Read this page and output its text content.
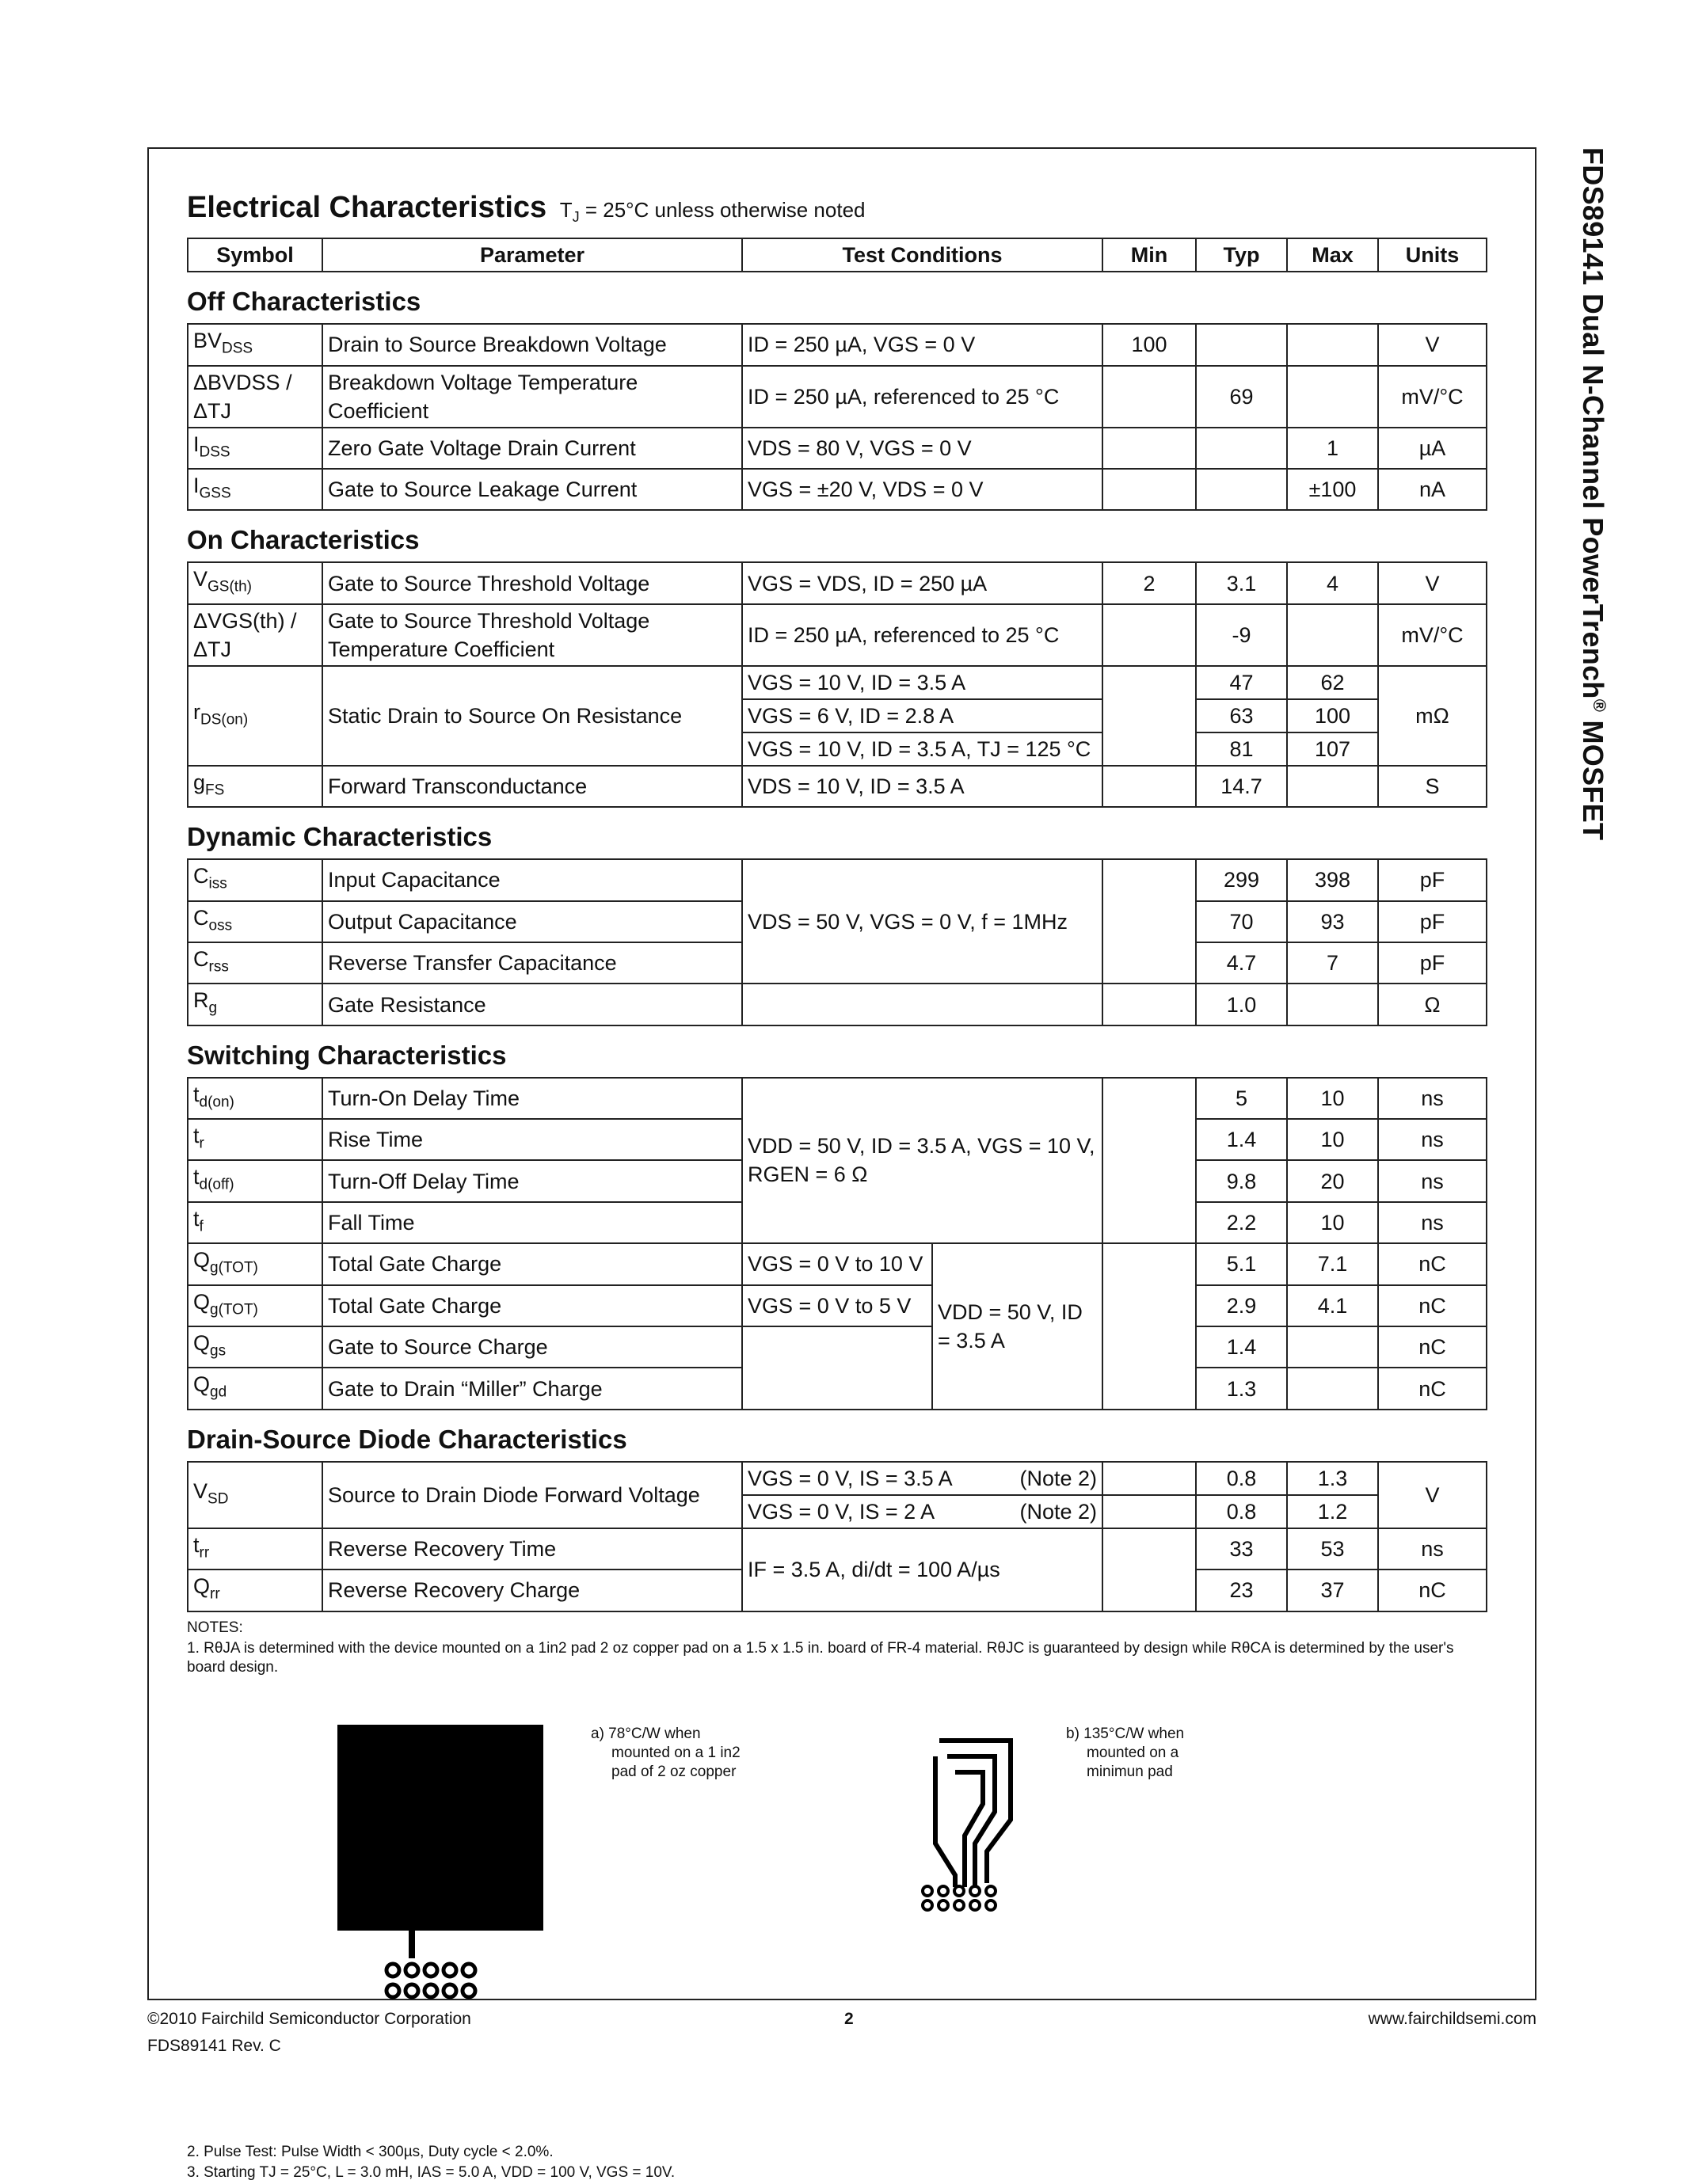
FDS89141 Dual N-Channel PowerTrench® MOSFET
Electrical Characteristics $T_J = 25^\circ C$ unless otherwise noted
Symbol	Parameter	Test Conditions	Min	Typ	Max	Units
Off Characteristics
$BV_{DSS}$	Drain to Source Breakdown Voltage	ID = 250 µA, VGS = 0 V	100			V
ΔBVDSS / ΔTJ	Breakdown Voltage Temperature Coefficient	ID = 250 µA, referenced to 25 °C		69		mV/°C
$I_{DSS}$	Zero Gate Voltage Drain Current	VDS = 80 V, VGS = 0 V			1	µA
$I_{GSS}$	Gate to Source Leakage Current	VGS = ±20 V, VDS = 0 V			±100	nA
On Characteristics
$V_{GS(th)}$	Gate to Source Threshold Voltage	VGS = VDS, ID = 250 µA	2	3.1	4	V
ΔVGS(th) / ΔTJ	Gate to Source Threshold Voltage Temperature Coefficient	ID = 250 µA, referenced to 25 °C		-9		mV/°C
$r_{DS(on)}$	Static Drain to Source On Resistance	VGS = 10 V, ID = 3.5 A		47	62	mΩ
		VGS = 6 V, ID = 2.8 A		63	100	
		VGS = 10 V, ID = 3.5 A, TJ = 125 °C		81	107	
$g_{FS}$	Forward Transconductance	VDS = 10 V, ID = 3.5 A		14.7		S
Dynamic Characteristics
$C_{iss}$	Input Capacitance	VDS = 50 V, VGS = 0 V, f = 1MHz		299	398	pF
$C_{oss}$	Output Capacitance			70	93	pF
$C_{rss}$	Reverse Transfer Capacitance			4.7	7	pF
$R_g$	Gate Resistance			1.0		Ω
Switching Characteristics
$t_{d(on)}$	Turn-On Delay Time	VDD = 50 V, ID = 3.5 A, VGS = 10 V, RGEN = 6 Ω			5	10	ns
$t_r$	Rise Time				1.4	10	ns
$t_{d(off)}$	Turn-Off Delay Time				9.8	20	ns
$t_f$	Fall Time				2.2	10	ns
$Q_{g(TOT)}$	Total Gate Charge	VGS = 0 V to 10 V	VDD = 50 V, ID = 3.5 A		5.1	7.1	nC
$Q_{g(TOT)}$	Total Gate Charge	VGS = 0 V to 5 V			2.9	4.1	nC
$Q_{gs}$	Gate to Source Charge				1.4		nC
$Q_{gd}$	Gate to Drain “Miller” Charge				1.3		nC
Drain-Source Diode Characteristics
$V_{SD}$	Source to Drain Diode Forward Voltage	VGS = 0 V, IS = 3.5 A (Note 2)		0.8	1.3	V
		VGS = 0 V, IS = 2 A (Note 2)		0.8	1.2	
$t_{rr}$	Reverse Recovery Time	IF = 3.5 A, di/dt = 100 A/µs		33	53	ns
$Q_{rr}$	Reverse Recovery Charge			23	37	nC

NOTES:

1. RθJA is determined with the device mounted on a 1in2 pad 2 oz copper pad on a 1.5 x 1.5 in. board of FR-4 material. RθJC is guaranteed by design while RθCA is determined by the user's board design.

a) 78°C/W when
mounted on a 1 in2
pad of 2 oz copper
b) 135°C/W when
mounted on a
minimun pad

2. Pulse Test: Pulse Width < 300µs, Duty cycle < 2.0%.

3. Starting TJ = 25°C, L = 3.0 mH, IAS = 5.0 A, VDD = 100 V, VGS = 10V.

©2010 Fairchild Semiconductor Corporation	2	www.fairchildsemi.com
FDS89141 Rev. C
